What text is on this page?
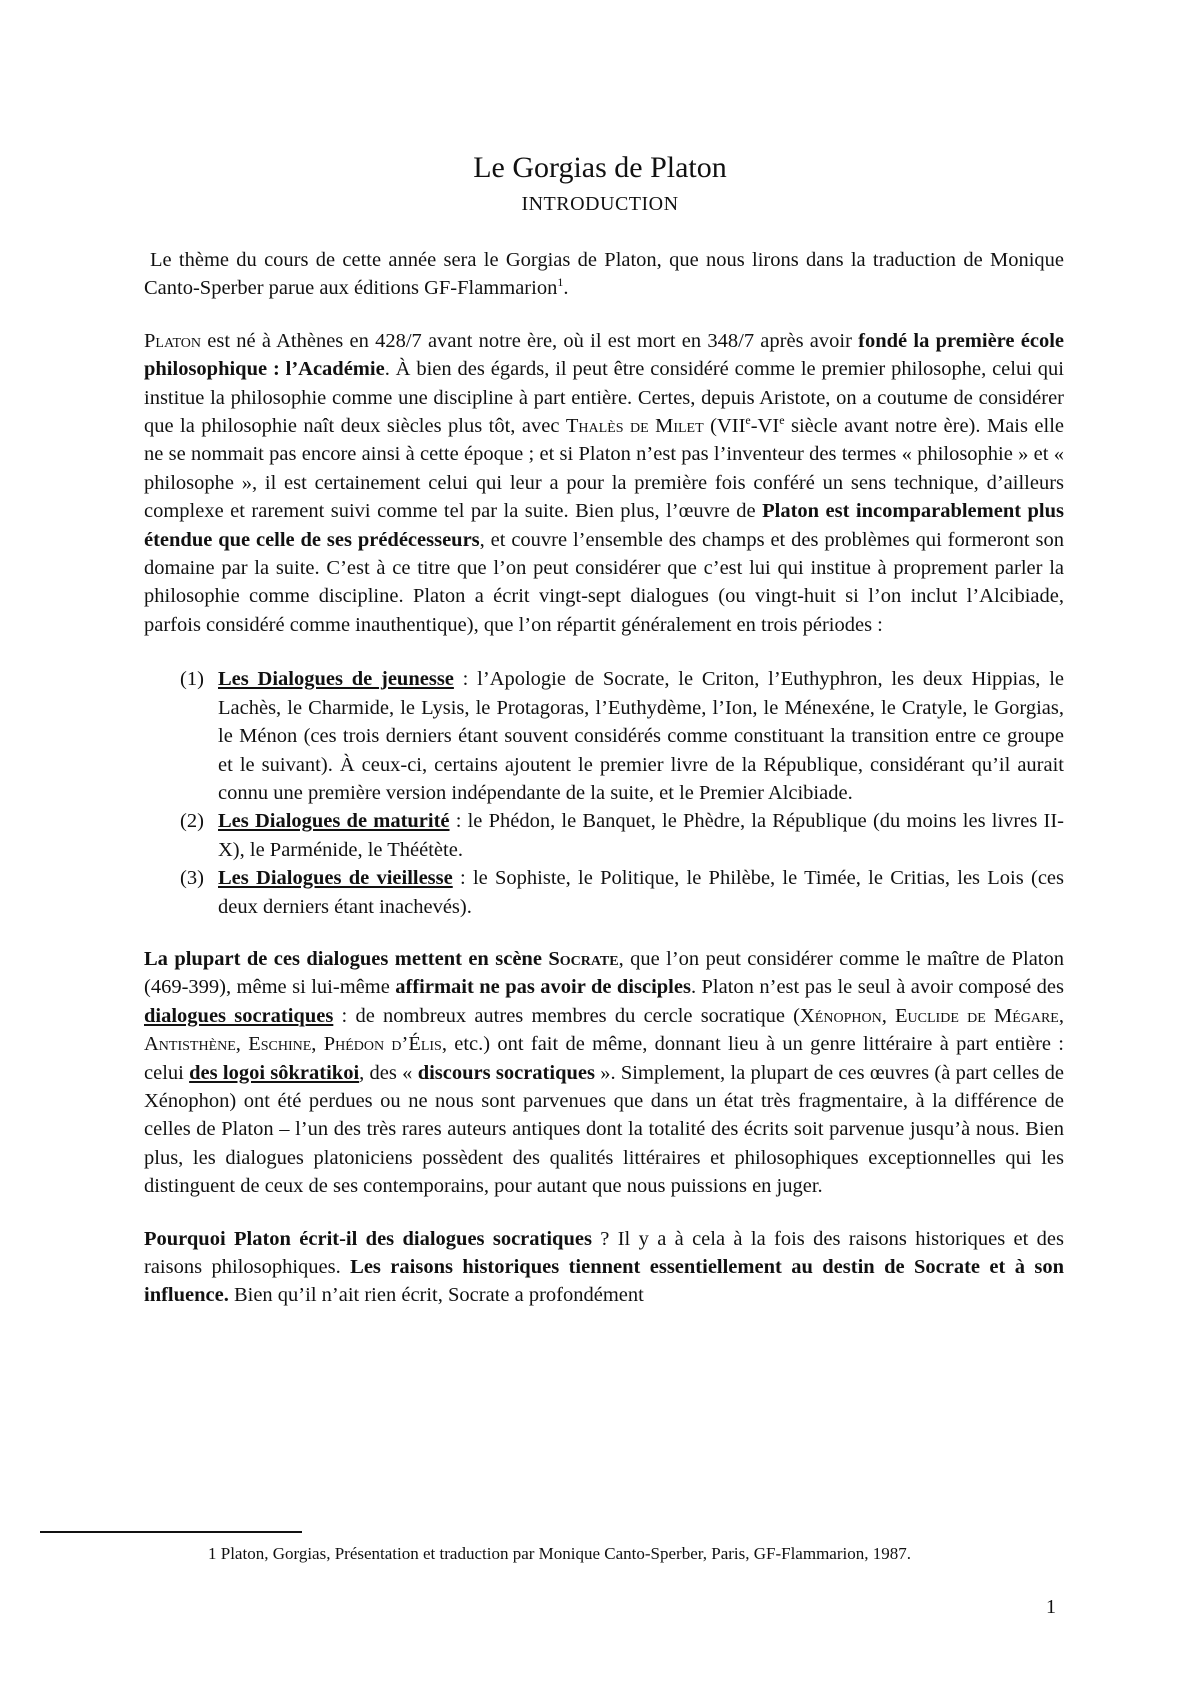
Le Gorgias de Platon
INTRODUCTION

Le thème du cours de cette année sera le Gorgias de Platon, que nous lirons dans la traduction de Monique Canto-Sperber parue aux éditions GF-Flammarion$^1$.

Platon est né à Athènes en 428/7 avant notre ère, où il est mort en 348/7 après avoir fondé la première école philosophique : l’Académie. À bien des égards, il peut être considéré comme le premier philosophe, celui qui institue la philosophie comme une discipline à part entière. Certes, depuis Aristote, on a coutume de considérer que la philosophie naît deux siècles plus tôt, avec Thalès de Milet (VIIe-VIe siècle avant notre ère). Mais elle ne se nommait pas encore ainsi à cette époque ; et si Platon n’est pas l’inventeur des termes « philosophie » et « philosophe », il est certainement celui qui leur a pour la première fois conféré un sens technique, d’ailleurs complexe et rarement suivi comme tel par la suite. Bien plus, l’œuvre de Platon est incomparablement plus étendue que celle de ses prédécesseurs, et couvre l’ensemble des champs et des problèmes qui formeront son domaine par la suite. C’est à ce titre que l’on peut considérer que c’est lui qui institue à proprement parler la philosophie comme discipline. Platon a écrit vingt-sept dialogues (ou vingt-huit si l’on inclut l’Alcibiade, parfois considéré comme inauthentique), que l’on répartit généralement en trois périodes :

(1) Les Dialogues de jeunesse : l’Apologie de Socrate, le Criton, l’Euthyphron, les deux Hippias, le Lachès, le Charmide, le Lysis, le Protagoras, l’Euthydème, l’Ion, le Ménexéne, le Cratyle, le Gorgias, le Ménon (ces trois derniers étant souvent considérés comme constituant la transition entre ce groupe et le suivant). À ceux-ci, certains ajoutent le premier livre de la République, considérant qu’il aurait connu une première version indépendante de la suite, et le Premier Alcibiade.
(2) Les Dialogues de maturité : le Phédon, le Banquet, le Phèdre, la République (du moins les livres II-X), le Parménide, le Théétète.
(3) Les Dialogues de vieillesse : le Sophiste, le Politique, le Philèbe, le Timée, le Critias, les Lois (ces deux derniers étant inachevés).

La plupart de ces dialogues mettent en scène Socrate, que l’on peut considérer comme le maître de Platon (469-399), même si lui-même affirmait ne pas avoir de disciples. Platon n’est pas le seul à avoir composé des dialogues socratiques : de nombreux autres membres du cercle socratique (Xénophon, Euclide de Mégare, Antisthène, Eschine, Phédon d’Élis, etc.) ont fait de même, donnant lieu à un genre littéraire à part entière : celui des logoi sôkratikoi, des « discours socratiques ». Simplement, la plupart de ces œuvres (à part celles de Xénophon) ont été perdues ou ne nous sont parvenues que dans un état très fragmentaire, à la différence de celles de Platon – l’un des très rares auteurs antiques dont la totalité des écrits soit parvenue jusqu’à nous. Bien plus, les dialogues platoniciens possèdent des qualités littéraires et philosophiques exceptionnelles qui les distinguent de ceux de ses contemporains, pour autant que nous puissions en juger.

Pourquoi Platon écrit-il des dialogues socratiques ? Il y a à cela à la fois des raisons historiques et des raisons philosophiques. Les raisons historiques tiennent essentiellement au destin de Socrate et à son influence. Bien qu’il n’ait rien écrit, Socrate a profondément

1 Platon, Gorgias, Présentation et traduction par Monique Canto-Sperber, Paris, GF-Flammarion, 1987.
1
